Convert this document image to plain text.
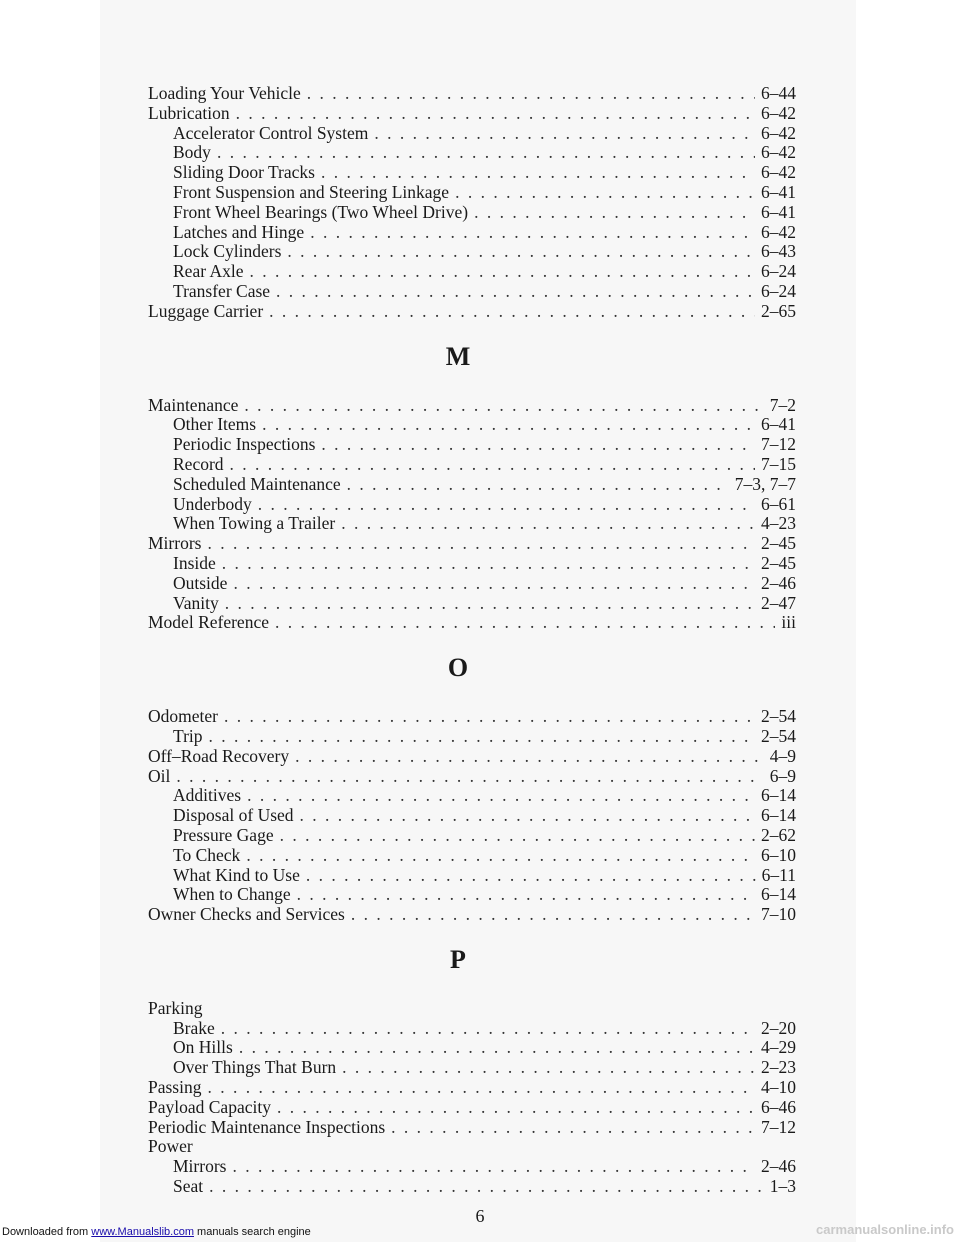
Loading Your Vehicle . . .	6–44
Lubrication . . .	6–42
Accelerator Control System . . .	6–42
Body . . .	6–42
Sliding Door Tracks . . .	6–42
Front Suspension and Steering Linkage . . .	6–41
Front Wheel Bearings (Two Wheel Drive) . . .	6–41
Latches and Hinge . . .	6–42
Lock Cylinders . . .	6–43
Rear Axle . . .	6–24
Transfer Case . . .	6–24
Luggage Carrier . . .	2–65
M
Maintenance . . .	7–2
Other Items . . .	6–41
Periodic Inspections . . .	7–12
Record . . .	7–15
Scheduled Maintenance . . .	7–3, 7–7
Underbody . . .	6–61
When Towing a Trailer . . .	4–23
Mirrors . . .	2–45
Inside . . .	2–45
Outside . . .	2–46
Vanity . . .	2–47
Model Reference . . .	iii
O
Odometer . . .	2–54
Trip . . .	2–54
Off–Road Recovery . . .	4–9
Oil . . .	6–9
Additives . . .	6–14
Disposal of Used . . .	6–14
Pressure Gage . . .	2–62
To Check . . .	6–10
What Kind to Use . . .	6–11
When to Change . . .	6–14
Owner Checks and Services . . .	7–10
P
Parking
Brake . . .	2–20
On Hills . . .	4–29
Over Things That Burn . . .	2–23
Passing . . .	4–10
Payload Capacity . . .	6–46
Periodic Maintenance Inspections . . .	7–12
Power
Mirrors . . .	2–46
Seat . . .	1–3
6
Downloaded from www.Manualslib.com manuals search engine	carmanualsonline.info
